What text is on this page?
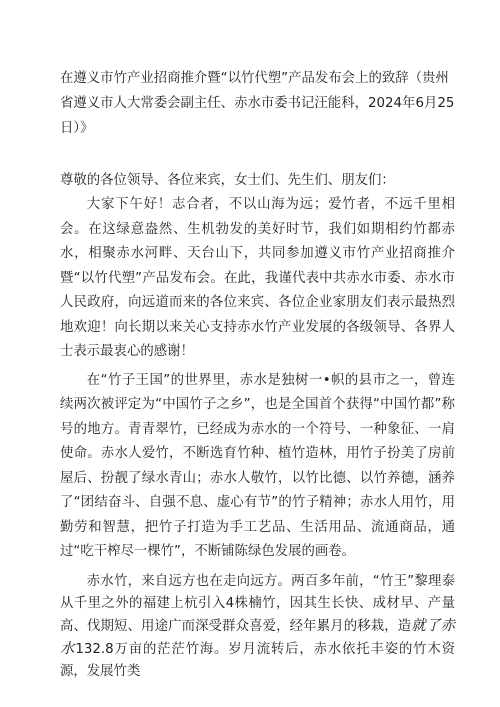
在遵义市竹产业招商推介暨“以竹代塑”产品发布会上的致辞（贵州省遵义市人大常委会副主任、赤水市委书记汪能科，2024年6月25日）》

尊敬的各位领导、各位来宾，女士们、先生们、朋友们：

大家下午好！志合者，不以山海为远；爱竹者，不远千里相会。在这绿意盎然、生机勃发的美好时节，我们如期相约竹都赤水，相聚赤水河畔、天台山下，共同参加遵义市竹产业招商推介暨“以竹代塑”产品发布会。在此，我谨代表中共赤水市委、赤水市人民政府，向远道而来的各位来宾、各位企业家朋友们表示最热烈地欢迎！向长期以来关心支持赤水竹产业发展的各级领导、各界人士表示最衷心的感谢！

在“竹子王国”的世界里，赤水是独树一•帜的县市之一，曾连续两次被评定为“中国竹子之乡”，也是全国首个获得“中国竹都”称号的地方。青青翠竹，已经成为赤水的一个符号、一种象征、一肩使命。赤水人爱竹，不断选育竹种、植竹造林，用竹子扮美了房前屋后、扮靓了绿水青山；赤水人敬竹，以竹比德、以竹养德，涵养了“团结奋斗、自强不息、虚心有节”的竹子精神；赤水人用竹，用勤劳和智慧，把竹子打造为手工艺品、生活用品、流通商品，通过“吃干榨尽一棵竹”，不断铺陈绿色发展的画卷。

赤水竹，来自远方也在走向远方。两百多年前，“竹王”黎理泰从千里之外的福建上杭引入4株楠竹，因其生长快、成材早、产量高、伐期短、用途广而深受群众喜爱，经年累月的移栽，造就了赤水132.8万亩的茫茫竹海。岁月流转后，赤水依托丰姿的竹木资源，发展竹类
